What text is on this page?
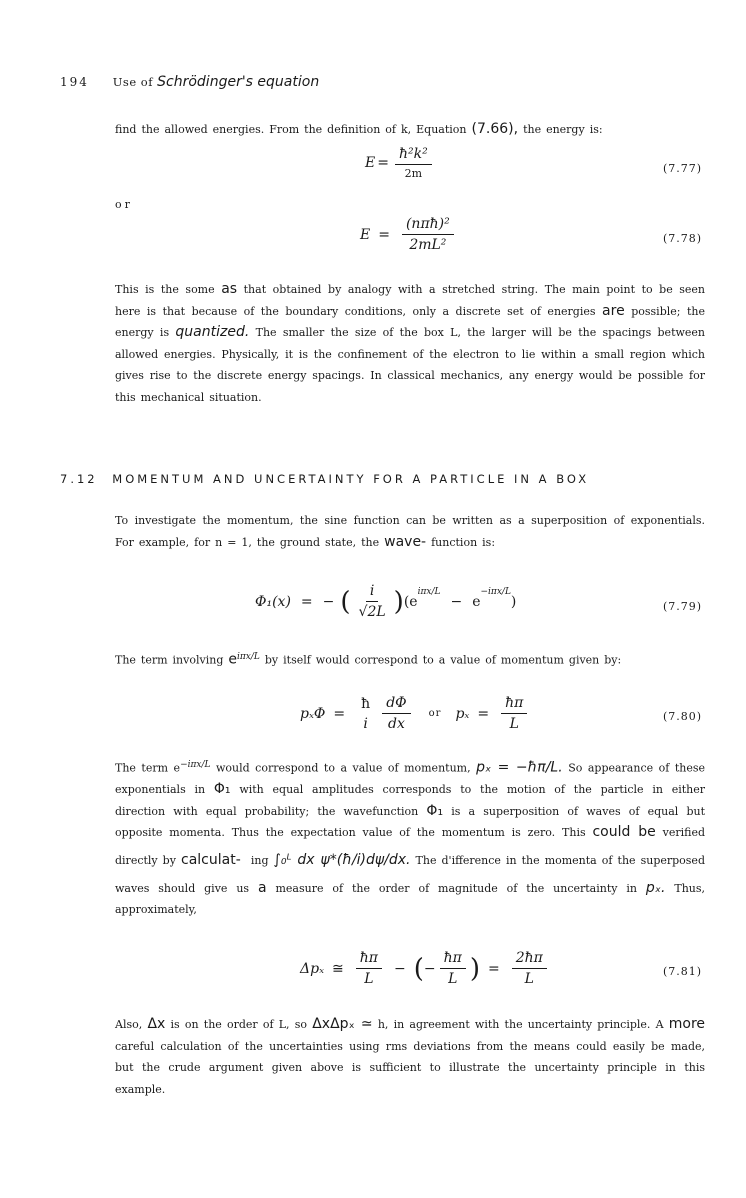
194 Use of Schrödinger's equation

find the allowed energies. From the definition of k, Equation (7.66), the energy is:

$E = \frac{\text{ħ²k²}}{2m}$	(7.77)
or
$E = \frac{\text{(nπħ)²}}{\text{2mL²}}$	(7.78)

This is the some as that obtained by analogy with a stretched string. The main point to be seen here is that because of the boundary conditions, only a discrete set of energies are possible; the energy is quantized. The smaller the size of the box L, the larger will be the spacings between allowed energies. Physically, it is the confinement of the electron to lie within a small region which gives rise to the discrete energy spacings. In classical mechanics, any energy would be possible for this mechanical situation.

7.12 MOMENTUM AND UNCERTAINTY FOR A PARTICLE IN A BOX

To investigate the momentum, the sine function can be written as a superposition of exponentials. For example, for n = 1, the ground state, the wave- function is:

Φ₁(x) = − ( $\frac{i}{√2L}$ ) (e
$^{i\pi x/L}$
− e
$^{-i\pi x/L}$
)	(7.79)

The term involving $e^{i\pi x/L}$ by itself would correspond to a value of momentum given by:

pₓΦ =
ħ
i $\frac{d\Phi}{dx}$ or $p_x = \frac{ħ\pi}{L}$	(7.80)

The term $e^{-i\pi x/L}$ would correspond to a value of momentum, pₓ = −ħπ/L. So appearance of these exponentials in Φ₁ with equal amplitudes corresponds to the motion of the particle in either direction with equal probability; the wavefunction Φ₁ is a superposition of waves of equal but opposite momenta. Thus the expectation value of the momentum is zero. This could be verified directly by calculat- ing ∫₀ᴸ dx ψ*(ħ/i)dψ/dx. The d'ifference in the momenta of the superposed waves should give us a measure of the order of magnitude of the uncertainty in pₓ. Thus, approximately,

Δpₓ ≅ $\frac{ħ\pi}{L}$ − ( − $\frac{ħ\pi}{L}$ ) = $\frac{2ħ\pi}{L}$	(7.81)

Also, Δx is on the order of L, so ΔxΔpₓ ≃ h, in agreement with the uncertainty principle. A more careful calculation of the uncertainties using rms deviations from the means could easily be made, but the crude argument given above is sufficient to illustrate the uncertainty principle in this example.
